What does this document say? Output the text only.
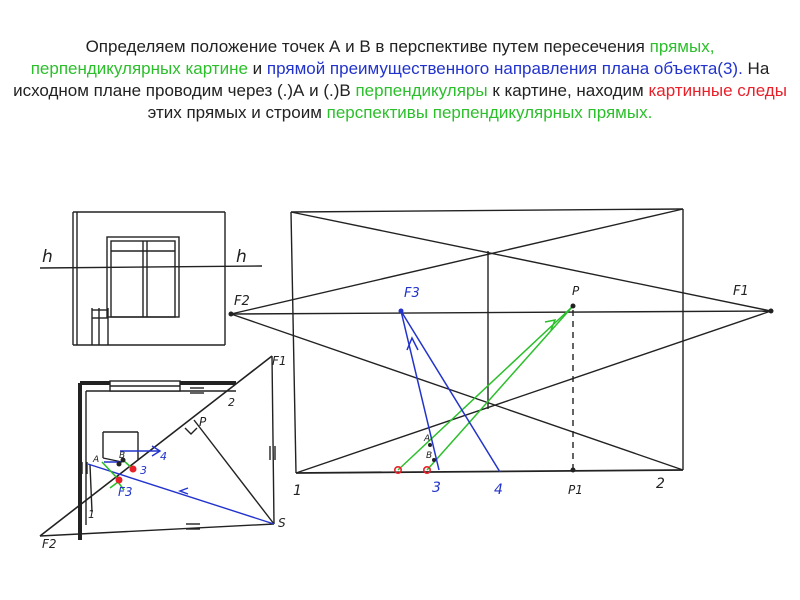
Определяем положение точек А и В в перспективе путем пересечения прямых, перпендикулярных картине и прямой преимущественного направления плана объекта(3). На исходном плане проводим через (.)А и (.)В перпендикуляры к картине, находим картинные следы этих прямых и строим перспективы перпендикулярных прямых.
h	h
F1
F2
F3
P
S
1
2
3
4
A B
F2
F1
F3	P
P1
1	2
3	4
A
B
